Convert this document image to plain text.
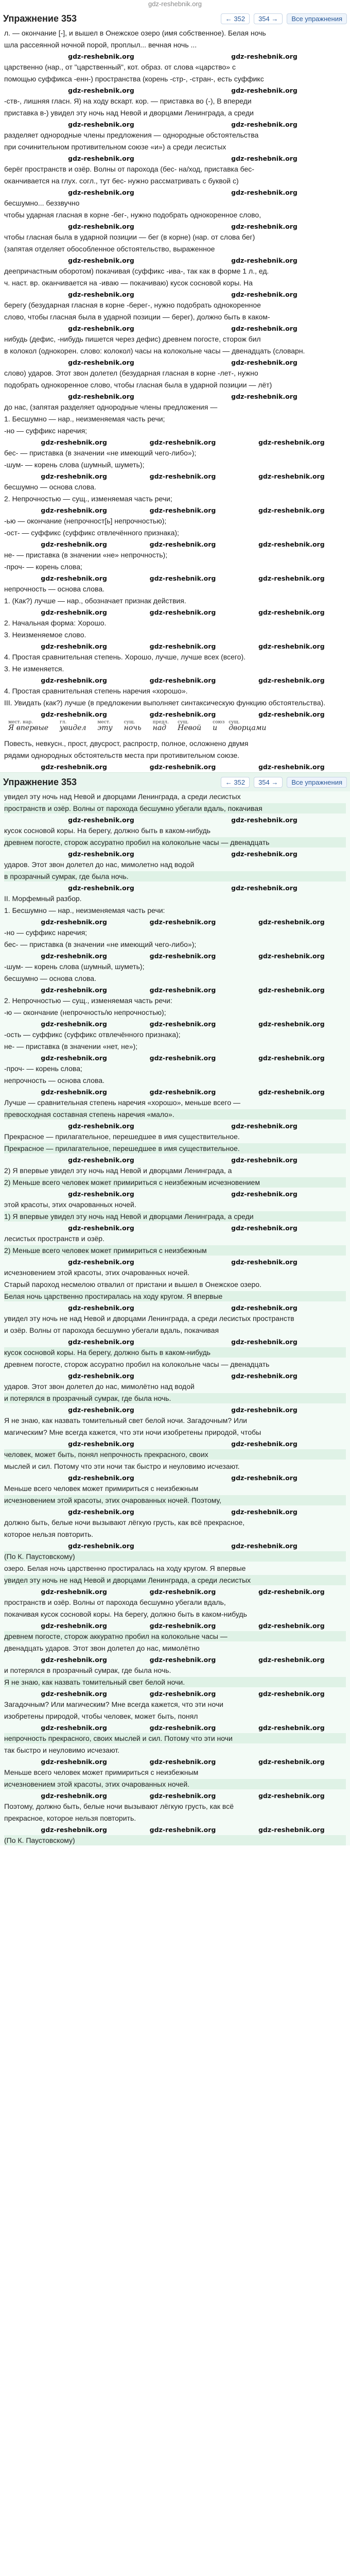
gdz-reshebnik.org
Упражнение 353	← 352	354 →	Все упражнения

л. — окончание [-], и вышел в Онежское озеро (имя собственное). Белая ночь

шла рассеянной ночной порой, проплыл... вечная ночь ...

gdz-reshebnik.org	gdz-reshebnik.org

царственно (нар., от "царственный", кот. образ. от слова «царство» с

помощью суффикса -енн-) пространства (корень -стр-, -стран-, есть суффикс

gdz-reshebnik.org	gdz-reshebnik.org

-ств-, лишняя гласн. Я) на ходу вскарт. кор. — приставка во (-), В впереди

приставка в-) увидел эту ночь над Невой и дворцами Ленинграда, а среди

gdz-reshebnik.org	gdz-reshebnik.org

разделяет однородные члены предложения — однородные обстоятельства

при сочинительном противительном союзе «и») а среди лесистых

gdz-reshebnik.org	gdz-reshebnik.org

берёг пространств и озёр. Волны от парохода (бес- на/ход, приставка бес-

оканчивается на глух. согл., тут бес- нужно рассматривать с буквой с)

gdz-reshebnik.org	gdz-reshebnik.org

бесшумно... беззвучно

чтобы ударная гласная в корне -бег-, нужно подобрать однокоренное слово,

gdz-reshebnik.org	gdz-reshebnik.org

чтобы гласная была в ударной позиции — бег (в корне) (нар. от слова бег)

(запятая отделяет обособленное обстоятельство, выраженное

gdz-reshebnik.org	gdz-reshebnik.org

деепричастным оборотом) покачивая (суффикс -ива-, так как в форме 1 л., ед.

ч. наст. вр. оканчивается на -иваю — покачиваю) кусок сосновой коры. На

gdz-reshebnik.org	gdz-reshebnik.org

берегу (безударная гласная в корне -берег-, нужно подобрать однокоренное

слово, чтобы гласная была в ударной позиции — берег), должно быть в каком-

gdz-reshebnik.org	gdz-reshebnik.org

нибудь (дефис, -нибудь пишется через дефис) древнем погосте, сторож бил

в колокол (однокорен. слово: колокол) часы на колокольне часы — двенадцать (словарн.

gdz-reshebnik.org	gdz-reshebnik.org

слово) ударов. Этот звон долетел (безударная гласная в корне -лет-, нужно

подобрать однокоренное слово, чтобы гласная была в ударной позиции — лёт)

gdz-reshebnik.org	gdz-reshebnik.org

до нас, (запятая разделяет однородные члены предложения —

1. Бесшумно — нар., неизменяемая часть речи;

-но — суффикс наречия;

gdz-reshebnik.org	gdz-reshebnik.org	gdz-reshebnik.org

бес- — приставка (в значении «не имеющий чего-либо»);

-шум- — корень слова (шумный, шуметь);

gdz-reshebnik.org	gdz-reshebnik.org	gdz-reshebnik.org

бесшумно — основа слова.

2. Непрочностью — сущ., изменяемая часть речи;

gdz-reshebnik.org	gdz-reshebnik.org	gdz-reshebnik.org

-ью — окончание (непрочност[ь] непрочностью);

-ост- — суффикс (суффикс отвлечённого признака);

gdz-reshebnik.org	gdz-reshebnik.org	gdz-reshebnik.org

не- — приставка (в значении «не» непрочность);

-проч- — корень слова;

gdz-reshebnik.org	gdz-reshebnik.org	gdz-reshebnik.org

непрочность — основа слова.

1. (Как?) лучше — нар., обозначает признак действия.

gdz-reshebnik.org	gdz-reshebnik.org	gdz-reshebnik.org

2. Начальная форма: Хорошо.

3. Неизменяемое слово.

gdz-reshebnik.org	gdz-reshebnik.org	gdz-reshebnik.org

4. Простая сравнительная степень. Хорошо, лучше, лучше всех (всего).

3. Не изменяется.

gdz-reshebnik.org	gdz-reshebnik.org	gdz-reshebnik.org

4. Простая сравнительная степень наречия «хорошо».

III. Увидать (как?) лучше (в предложении выполняет синтаксическую функцию обстоятельства).

gdz-reshebnik.org	gdz-reshebnik.org	gdz-reshebnik.org
мест. нар.
Я впервые
гл.
увидел
мест.
эту
сущ.
ночь
предл.
над
сущ.
Невой
союз
и
сущ.
дворцами

Повесть, невкусн., прост, двусрост, распростр, полное, осложнено двумя

рядами однородных обстоятельств места при противительном союзе.

gdz-reshebnik.org	gdz-reshebnik.org	gdz-reshebnik.org
Упражнение 353	← 352	354 →	Все упражнения

увидел эту ночь над Невой и дворцами Ленинграда, а среди лесистых

пространств и озёр. Волны от парохода бесшумно убегали вдаль, покачивая

gdz-reshebnik.org	gdz-reshebnik.org

кусок сосновой коры. На берегу, должно быть в каком-нибудь

древнем погосте, сторож ассуратно пробил на колокольне часы — двенадцать

gdz-reshebnik.org	gdz-reshebnik.org

ударов. Этот звон долетел до нас, мимолетно над водой

в прозрачный сумрак, где была ночь.

gdz-reshebnik.org	gdz-reshebnik.org

II. Морфемный разбор.

1. Бесшумно — нар., неизменяемая часть речи:

gdz-reshebnik.org	gdz-reshebnik.org	gdz-reshebnik.org

-но — суффикс наречия;

бес- — приставка (в значении «не имеющий чего-либо»);

gdz-reshebnik.org	gdz-reshebnik.org	gdz-reshebnik.org

-шум- — корень слова (шумный, шуметь);

бесшумно — основа слова.

gdz-reshebnik.org	gdz-reshebnik.org	gdz-reshebnik.org

2. Непрочностью — сущ., изменяемая часть речи:

-ю — окончание (непрочность/ю непрочностью);

gdz-reshebnik.org	gdz-reshebnik.org	gdz-reshebnik.org

-ость — суффикс (суффикс отвлечённого признака);

не- — приставка (в значении «нет, не»);

gdz-reshebnik.org	gdz-reshebnik.org	gdz-reshebnik.org

-проч- — корень слова;

непрочность — основа слова.

gdz-reshebnik.org	gdz-reshebnik.org	gdz-reshebnik.org

Лучше — сравнительная степень наречия «хорошо», меньше всего —

превосходная составная степень наречия «мало».

gdz-reshebnik.org	gdz-reshebnik.org

Прекрасное — прилагательное, перешедшее в имя существительное.

Прекрасное — прилагательное, перешедшее в имя существительное.

gdz-reshebnik.org	gdz-reshebnik.org

2) Я впервые увидел эту ночь над Невой и дворцами Ленинграда, а

2) Меньше всего человек может примириться с неизбежным исчезновением

gdz-reshebnik.org	gdz-reshebnik.org

этой красоты, этих очарованных ночей.

1) Я впервые увидел эту ночь над Невой и дворцами Ленинграда, а среди

gdz-reshebnik.org	gdz-reshebnik.org

лесистых пространств и озёр.

2) Меньше всего человек может примириться с неизбежным

gdz-reshebnik.org	gdz-reshebnik.org

исчезновением этой красоты, этих очарованных ночей.

Старый пароход несмелою отвалил от пристани и вышел в Онежское озеро.

Белая ночь царственно простиралась на ходу кругом. Я впервые

gdz-reshebnik.org	gdz-reshebnik.org

увидел эту ночь не над Невой и дворцами Ленинграда, а среди лесистых пространств

и озёр. Волны от парохода бесшумно убегали вдаль, покачивая

gdz-reshebnik.org	gdz-reshebnik.org

кусок сосновой коры. На берегу, должно быть в каком-нибудь

древнем погосте, сторож ассуратно пробил на колокольне часы — двенадцать

gdz-reshebnik.org	gdz-reshebnik.org

ударов. Этот звон долетел до нас, мимолётно над водой

и потерялся в прозрачный сумрак, где была ночь.

gdz-reshebnik.org	gdz-reshebnik.org

Я не знаю, как назвать томительный свет белой ночи. Загадочным? Или

магическим? Мне всегда кажется, что эти ночи изобретены природой, чтобы

gdz-reshebnik.org	gdz-reshebnik.org

человек, может быть, понял непрочность прекрасного, своих

мыслей и сил. Потому что эти ночи так быстро и неуловимо исчезают.

gdz-reshebnik.org	gdz-reshebnik.org

Меньше всего человек может примириться с неизбежным

исчезновением этой красоты, этих очарованных ночей. Поэтому,

gdz-reshebnik.org	gdz-reshebnik.org

должно быть, белые ночи вызывают лёгкую грусть, как всё прекрасное,

которое нельзя повторить.

gdz-reshebnik.org	gdz-reshebnik.org

(По К. Паустовскому)

озеро. Белая ночь царственно простиралась на ходу кругом. Я впервые

увидел эту ночь не над Невой и дворцами Ленинграда, а среди лесистых

gdz-reshebnik.org	gdz-reshebnik.org	gdz-reshebnik.org

пространств и озёр. Волны от парохода бесшумно убегали вдаль,

покачивая кусок сосновой коры. На берегу, должно быть в каком-нибудь

gdz-reshebnik.org	gdz-reshebnik.org	gdz-reshebnik.org

древнем погосте, сторож аккуратно пробил на колокольне часы —

двенадцать ударов. Этот звон долетел до нас, мимолётно

gdz-reshebnik.org	gdz-reshebnik.org	gdz-reshebnik.org

и потерялся в прозрачный сумрак, где была ночь.

Я не знаю, как назвать томительный свет белой ночи.

gdz-reshebnik.org	gdz-reshebnik.org	gdz-reshebnik.org

Загадочным? Или магическим? Мне всегда кажется, что эти ночи

изобретены природой, чтобы человек, может быть, понял

gdz-reshebnik.org	gdz-reshebnik.org	gdz-reshebnik.org

непрочность прекрасного, своих мыслей и сил. Потому что эти ночи

так быстро и неуловимо исчезают.

gdz-reshebnik.org	gdz-reshebnik.org	gdz-reshebnik.org

Меньше всего человек может примириться с неизбежным

исчезновением этой красоты, этих очарованных ночей.

gdz-reshebnik.org	gdz-reshebnik.org	gdz-reshebnik.org

Поэтому, должно быть, белые ночи вызывают лёгкую грусть, как всё

прекрасное, которое нельзя повторить.

gdz-reshebnik.org	gdz-reshebnik.org	gdz-reshebnik.org

(По К. Паустовскому)
